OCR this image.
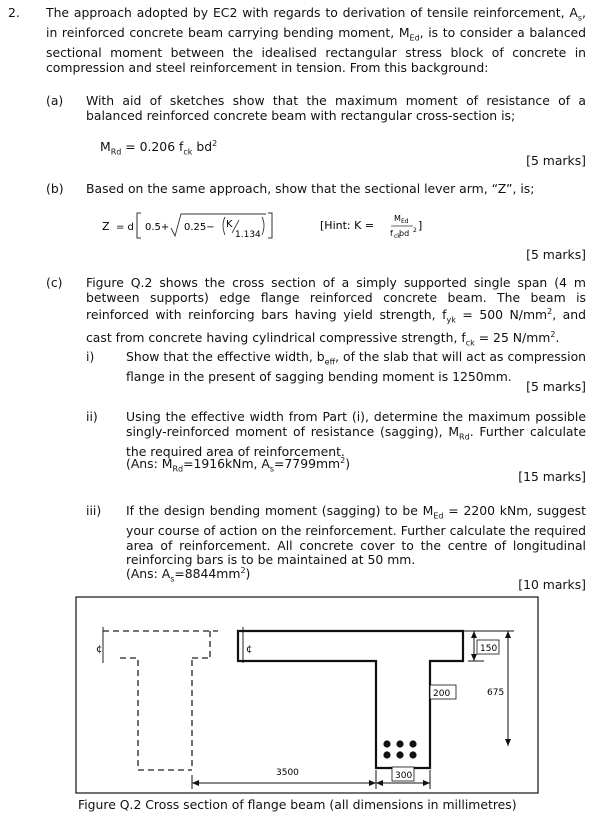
2. The approach adopted by EC2 with regards to derivation of tensile reinforcement, $A_s$, in reinforced concrete beam carrying bending moment, $M_{Ed}$, is to consider a balanced sectional moment between the idealised rectangular stress block of concrete in compression and steel reinforcement in tension. From this background:
(a) With aid of sketches show that the maximum moment of resistance of a balanced reinforced concrete beam with rectangular cross-section is;
$M_{Rd} = 0.206$ $f_{ck}$ $bd^2$
[5 marks]
(b) Based on the same approach, show that the sectional lever arm, “Z”, is;
Z = d 0.5+ 0.25− K
1.134
[Hint: K =
M Ed
f ck
bd 2 ]
[5 marks]
(c) Figure Q.2 shows the cross section of a simply supported single span (4 m between supports) edge flange reinforced concrete beam. The beam is reinforced with reinforcing bars having yield strength, $f_{yk} = 500$ $N/mm^2$, and cast from concrete having cylindrical compressive strength, $f_{ck} = 25$ $N/mm^2$.
i)	Show that the effective width, $b_{eff}$, of the slab that will act as compression flange in the present of sagging bending moment is 1250mm.
[5 marks]
ii) Using the effective width from Part (i), determine the maximum possible singly-reinforced moment of resistance (sagging), $M_{Rd}$. Further calculate the required area of reinforcement.
(Ans: $M_{Rd}=1916kNm$, $A_s=7799mm^2$)
[15 marks]
iii) If the design bending moment (sagging) to be $M_{Ed} = 2200$ kNm, suggest your course of action on the reinforcement. Further calculate the required area of reinforcement. All concrete cover to the centre of longitudinal reinforcing bars is to be maintained at 50 mm.
(Ans: $A_s=8844mm^2$)
[10 marks]
¢	¢	150
675
200
3500	300
Figure Q.2 Cross section of flange beam (all dimensions in millimetres)
